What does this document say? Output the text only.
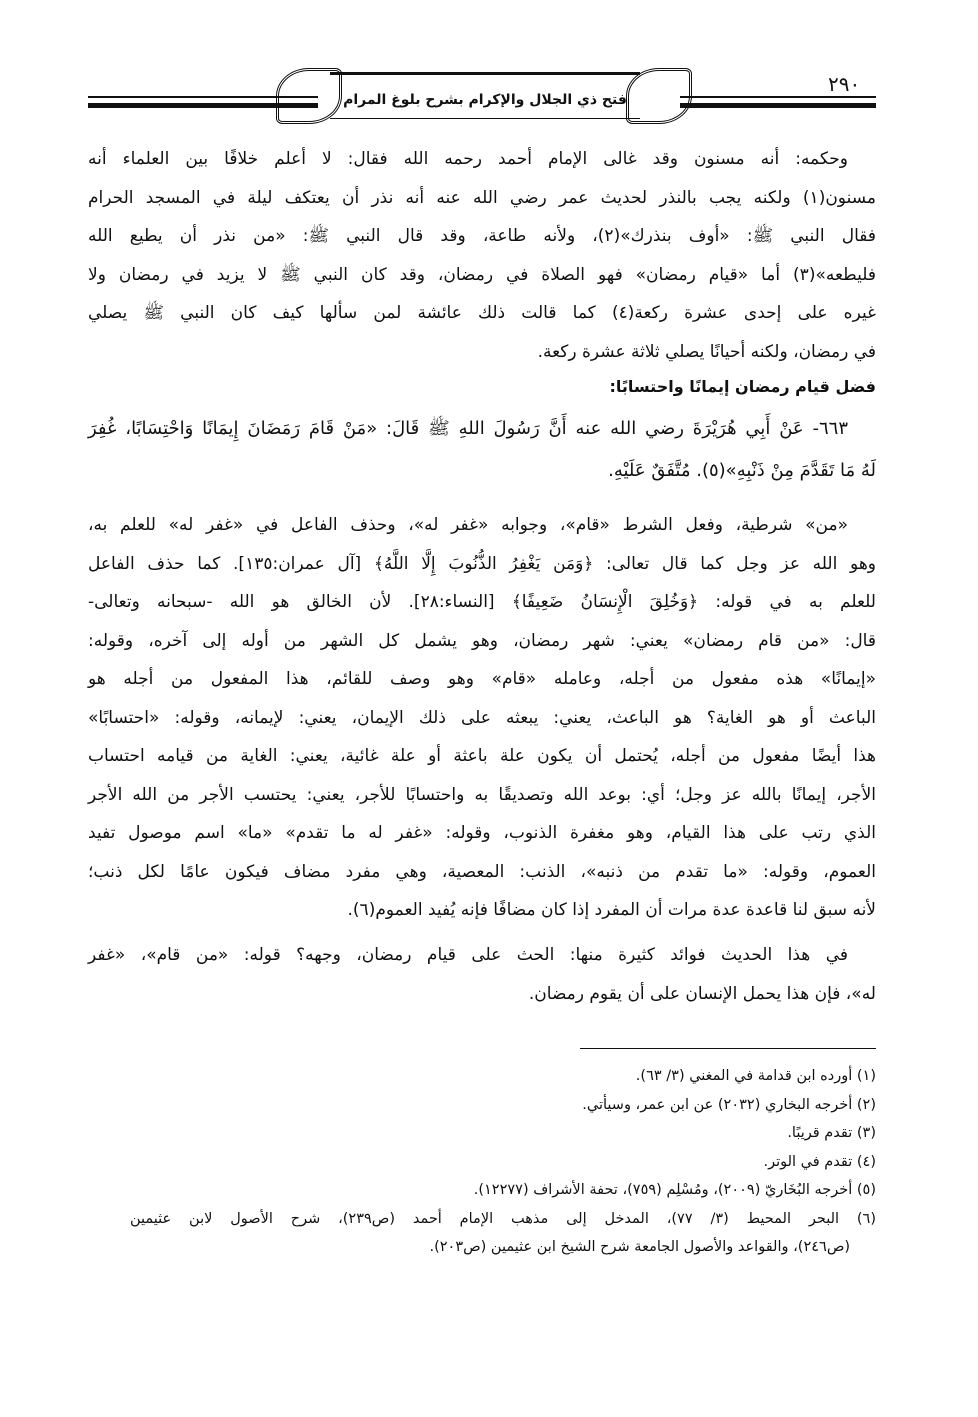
٢٩٠
فتح ذي الجلال والإكرام بشرح بلوغ المرام
وحكمه: أنه مسنون وقد غالى الإمام أحمد رحمه الله فقال: لا أعلم خلافًا بين العلماء أنه
مسنون(١) ولكنه يجب بالنذر لحديث عمر رضي الله عنه أنه نذر أن يعتكف ليلة في المسجد الحرام
فقال النبي ﷺ: «أوف بنذرك»(٢)، ولأنه طاعة، وقد قال النبي ﷺ: «من نذر أن يطيع الله
فليطعه»(٣) أما «قيام رمضان» فهو الصلاة في رمضان، وقد كان النبي ﷺ لا يزيد في رمضان ولا
غيره على إحدى عشرة ركعة(٤) كما قالت ذلك عائشة لمن سألها كيف كان النبي ﷺ يصلي
في رمضان، ولكنه أحيانًا يصلي ثلاثة عشرة ركعة.
فضل قيام رمضان إيمانًا واحتسابًا:
٦٦٣- عَنْ أَبِي هُرَيْرَةَ رضي الله عنه أَنَّ رَسُولَ اللهِ ﷺ قَالَ: «مَنْ قَامَ رَمَضَانَ إِيمَانًا وَاحْتِسَابًا، غُفِرَ
لَهُ مَا تَقَدَّمَ مِنْ ذَنْبِهِ»(٥). مُتَّفَقٌ عَلَيْهِ.
«من» شرطية، وفعل الشرط «قام»، وجوابه «غفر له»، وحذف الفاعل في «غفر له» للعلم به،
وهو الله عز وجل كما قال تعالى: ﴿وَمَن يَغْفِرُ الذُّنُوبَ إِلَّا اللَّهُ﴾ [آل عمران:١٣٥]. كما حذف الفاعل
للعلم به في قوله: ﴿وَخُلِقَ الْإِنسَانُ ضَعِيفًا﴾ [النساء:٢٨]. لأن الخالق هو الله -سبحانه وتعالى-
قال: «من قام رمضان» يعني: شهر رمضان، وهو يشمل كل الشهر من أوله إلى آخره، وقوله:
«إيمانًا» هذه مفعول من أجله، وعامله «قام» وهو وصف للقائم، هذا المفعول من أجله هو
الباعث أو هو الغاية؟ هو الباعث، يعني: يبعثه على ذلك الإيمان، يعني: لإيمانه، وقوله: «احتسابًا»
هذا أيضًا مفعول من أجله، يُحتمل أن يكون علة باعثة أو علة غائية، يعني: الغاية من قيامه احتساب
الأجر، إيمانًا بالله عز وجل؛ أي: بوعد الله وتصديقًا به واحتسابًا للأجر، يعني: يحتسب الأجر من الله الأجر
الذي رتب على هذا القيام، وهو مغفرة الذنوب، وقوله: «غفر له ما تقدم» «ما» اسم موصول تفيد
العموم، وقوله: «ما تقدم من ذنبه»، الذنب: المعصية، وهي مفرد مضاف فيكون عامًا لكل ذنب؛
لأنه سبق لنا قاعدة عدة مرات أن المفرد إذا كان مضافًا فإنه يُفيد العموم(٦).
في هذا الحديث فوائد كثيرة منها: الحث على قيام رمضان، وجهه؟ قوله: «من قام»، «غفر
له»، فإن هذا يحمل الإنسان على أن يقوم رمضان.
(١) أورده ابن قدامة في المغني (٣/ ٦٣).
(٢) أخرجه البخاري (٢٠٣٢) عن ابن عمر، وسيأتي.
(٣) تقدم قريبًا.
(٤) تقدم في الوتر.
(٥) أخرجه البُخَاريّ (٢٠٠٩)، ومُسْلِم (٧٥٩)، تحفة الأشراف (١٢٢٧٧).
(٦) البحر المحيط (٣/ ٧٧)، المدخل إلى مذهب الإمام أحمد (ص٢٣٩)، شرح الأصول لابن عثيمين
(ص٢٤٦)، والقواعد والأصول الجامعة شرح الشيخ ابن عثيمين (ص٢٠٣).
